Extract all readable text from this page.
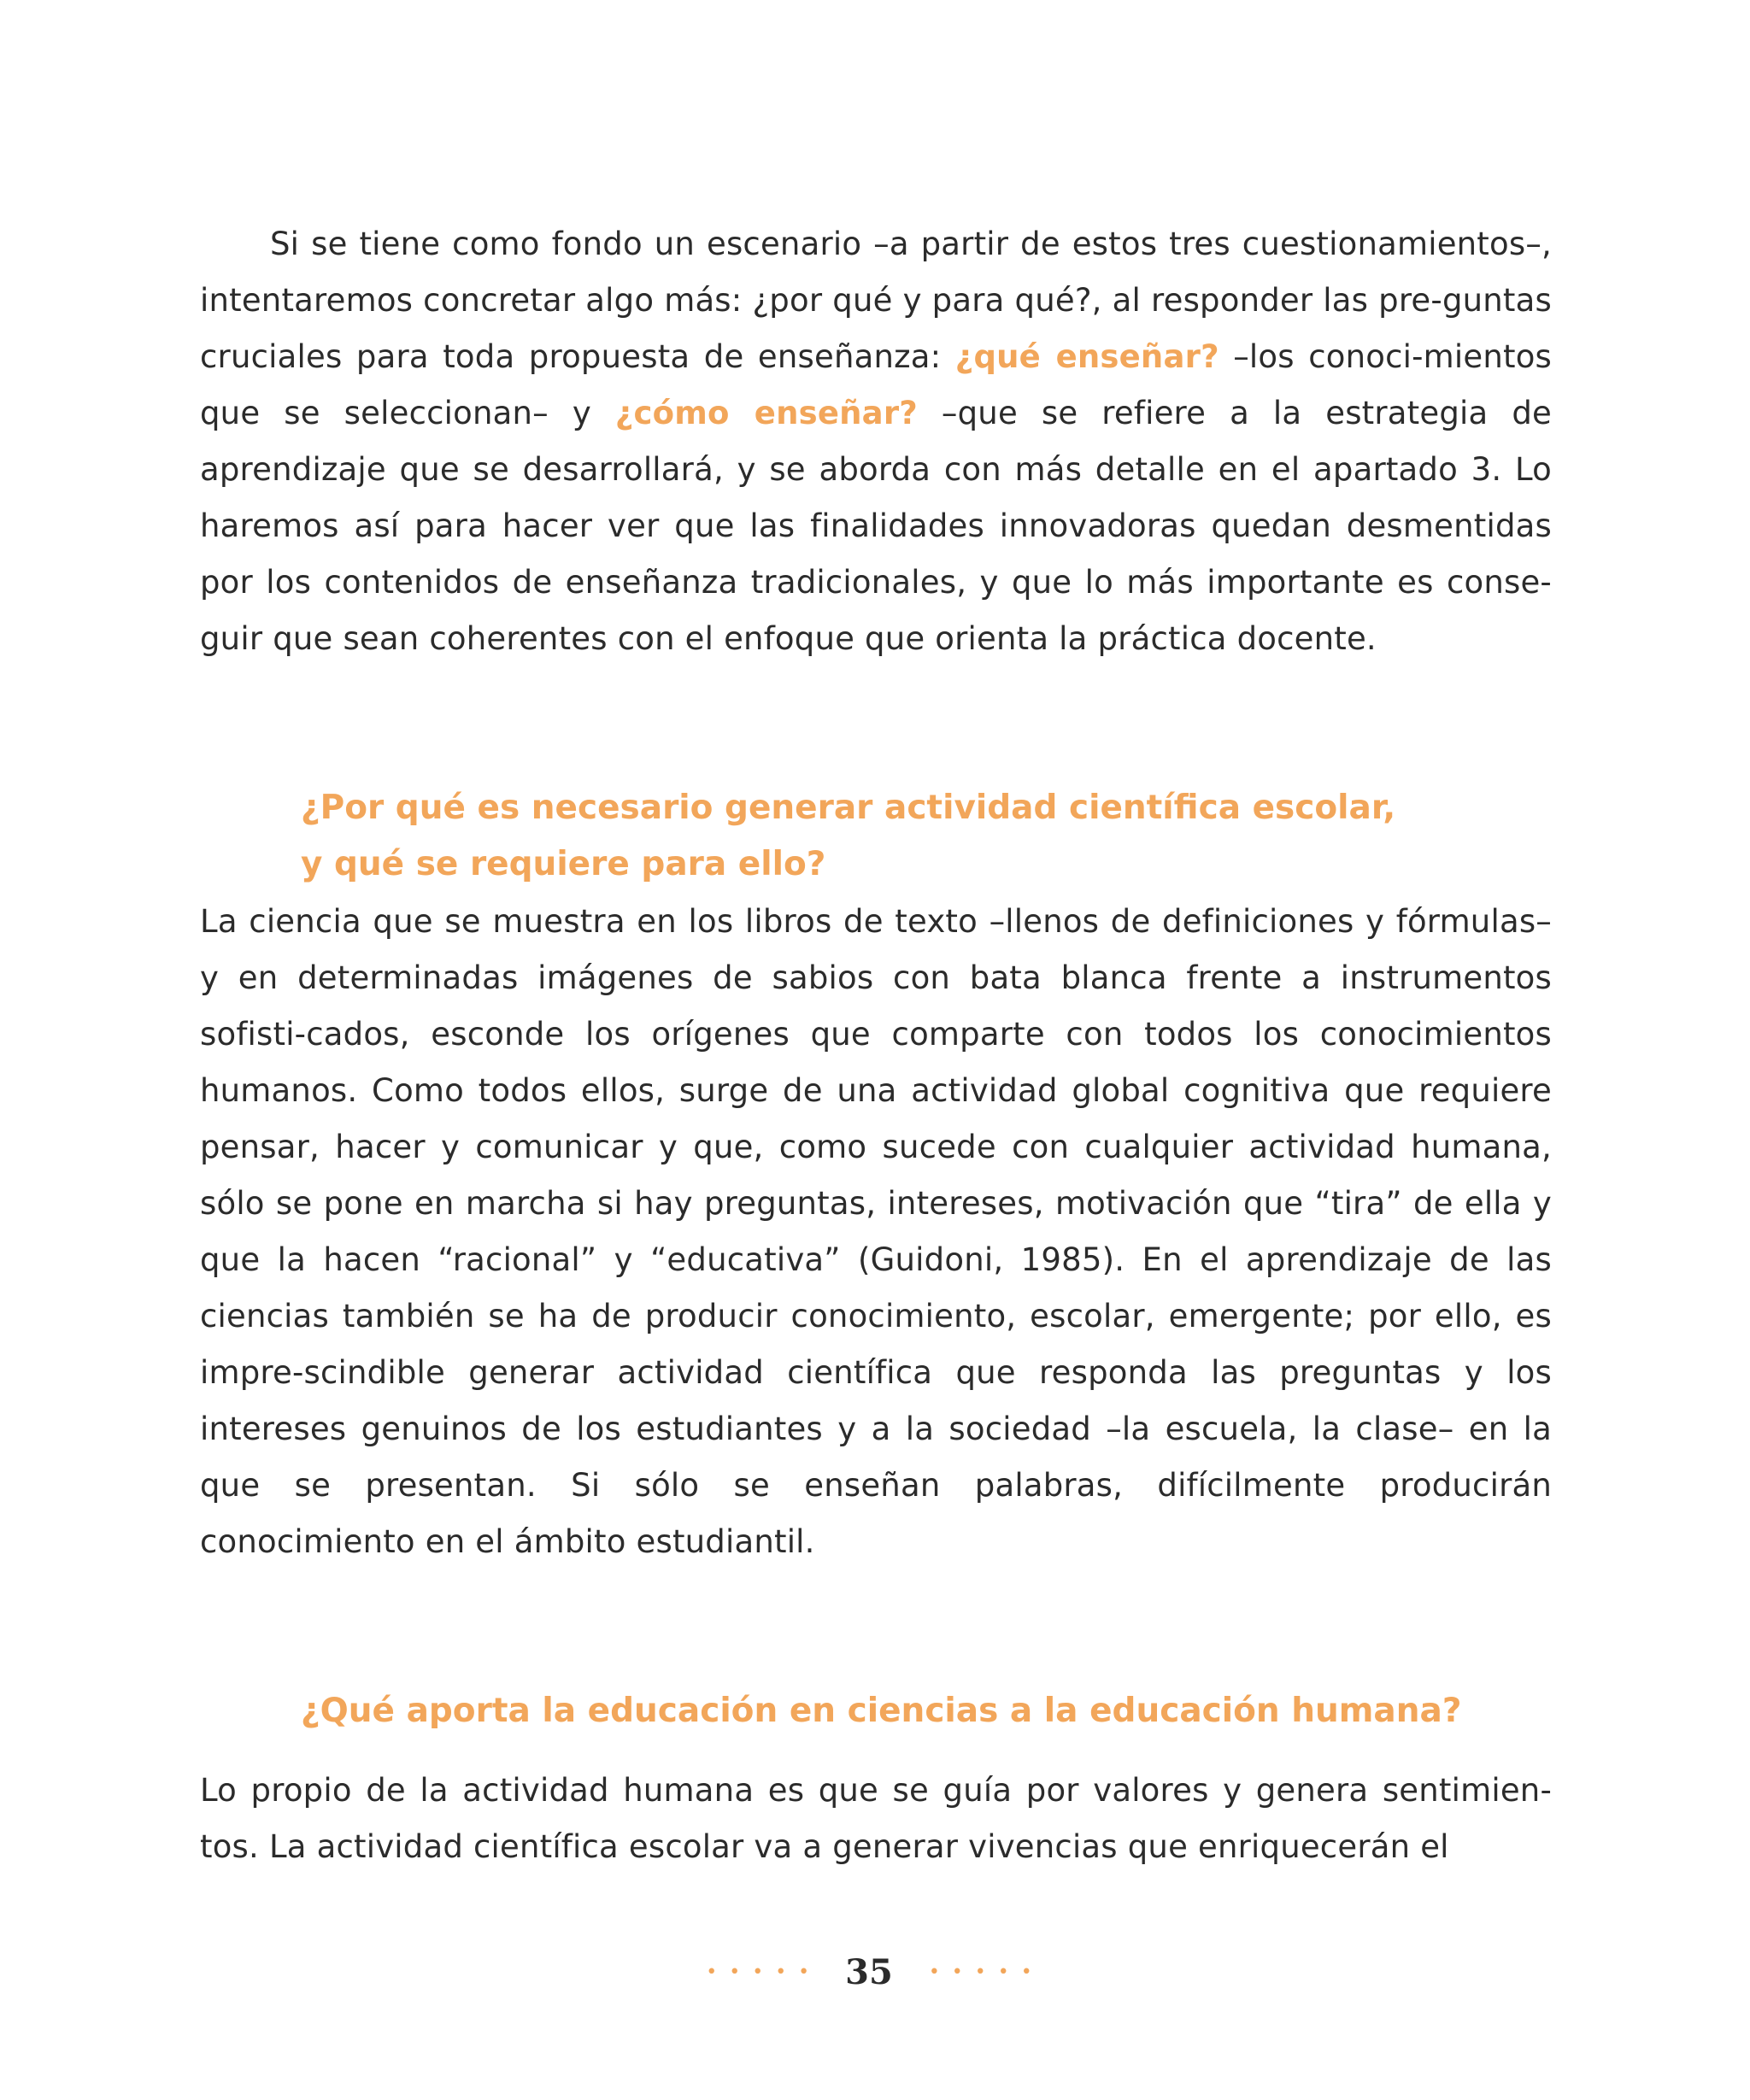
Si se tiene como fondo un escenario –a partir de estos tres cuestionamientos–, intentaremos concretar algo más: ¿por qué y para qué?, al responder las pre-guntas cruciales para toda propuesta de enseñanza: ¿qué enseñar? –los conoci-mientos que se seleccionan– y ¿cómo enseñar? –que se refiere a la estrategia de aprendizaje que se desarrollará, y se aborda con más detalle en el apartado 3. Lo haremos así para hacer ver que las finalidades innovadoras quedan desmentidas por los contenidos de enseñanza tradicionales, y que lo más importante es conse-guir que sean coherentes con el enfoque que orienta la práctica docente.

¿Por qué es necesario generar actividad científica escolar,
y qué se requiere para ello?

La ciencia que se muestra en los libros de texto –llenos de definiciones y fórmulas– y en determinadas imágenes de sabios con bata blanca frente a instrumentos sofisti-cados, esconde los orígenes que comparte con todos los conocimientos humanos. Como todos ellos, surge de una actividad global cognitiva que requiere pensar, hacer y comunicar y que, como sucede con cualquier actividad humana, sólo se pone en marcha si hay preguntas, intereses, motivación que “tira” de ella y que la hacen “racional” y “educativa” (Guidoni, 1985). En el aprendizaje de las ciencias también se ha de producir conocimiento, escolar, emergente; por ello, es impre-scindible generar actividad científica que responda las preguntas y los intereses genuinos de los estudiantes y a la sociedad –la escuela, la clase– en la que se presentan. Si sólo se enseñan palabras, difícilmente producirán conocimiento en el ámbito estudiantil.

¿Qué aporta la educación en ciencias a la educación humana?

Lo propio de la actividad humana es que se guía por valores y genera sentimien-tos. La actividad científica escolar va a generar vivencias que enriquecerán el

••••• 35 •••••
